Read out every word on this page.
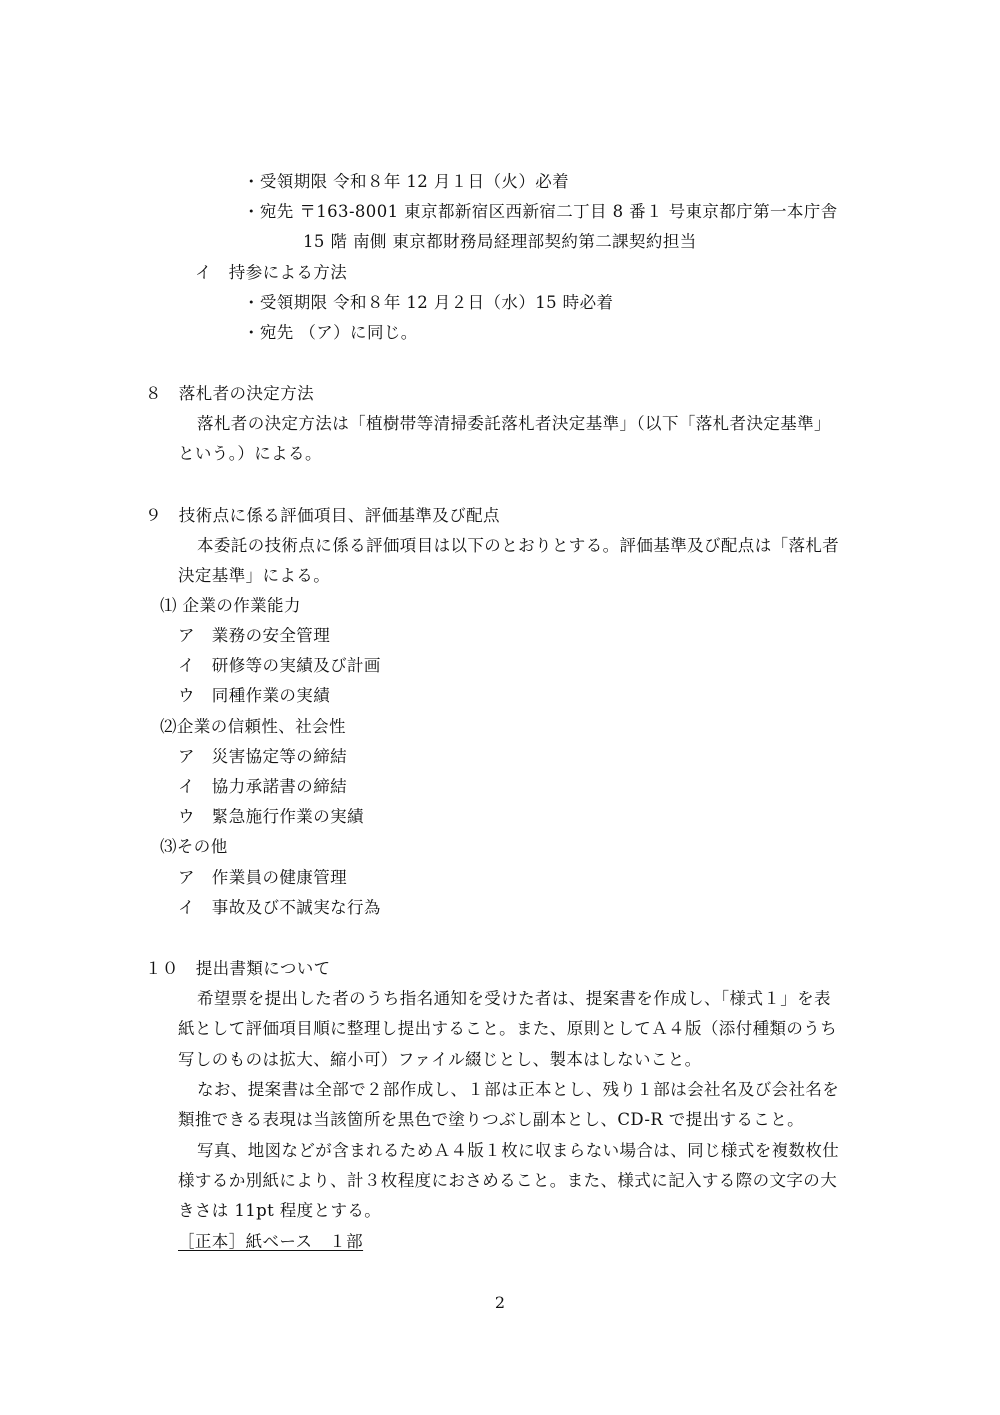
・受領期限 令和８年 12 月１日（火）必着
・宛先 〒163-8001 東京都新宿区西新宿二丁目 8 番１ 号東京都庁第一本庁舎
15 階 南側 東京都財務局経理部契約第二課契約担当
イ　持参による方法
・受領期限 令和８年 12 月２日（水）15 時必着
・宛先 （ア）に同じ。
８　落札者の決定方法
落札者の決定方法は「植樹帯等清掃委託落札者決定基準」（以下「落札者決定基準」
という。）による。
９　技術点に係る評価項目、評価基準及び配点
本委託の技術点に係る評価項目は以下のとおりとする。評価基準及び配点は「落札者
決定基準」による。
⑴ 企業の作業能力
ア　業務の安全管理
イ　研修等の実績及び計画
ウ　同種作業の実績
⑵企業の信頼性、社会性
ア　災害協定等の締結
イ　協力承諾書の締結
ウ　緊急施行作業の実績
⑶その他
ア　作業員の健康管理
イ　事故及び不誠実な行為
１０　提出書類について
希望票を提出した者のうち指名通知を受けた者は、提案書を作成し、「様式１」を表
紙として評価項目順に整理し提出すること。また、原則としてＡ４版（添付種類のうち
写しのものは拡大、縮小可）ファイル綴じとし、製本はしないこと。
なお、提案書は全部で２部作成し、１部は正本とし、残り１部は会社名及び会社名を
類推できる表現は当該箇所を黒色で塗りつぶし副本とし、CD-R で提出すること。
写真、地図などが含まれるためＡ４版１枚に収まらない場合は、同じ様式を複数枚仕
様するか別紙により、計３枚程度におさめること。また、様式に記入する際の文字の大
きさは 11pt 程度とする。
［正本］紙ベース　１部
2
